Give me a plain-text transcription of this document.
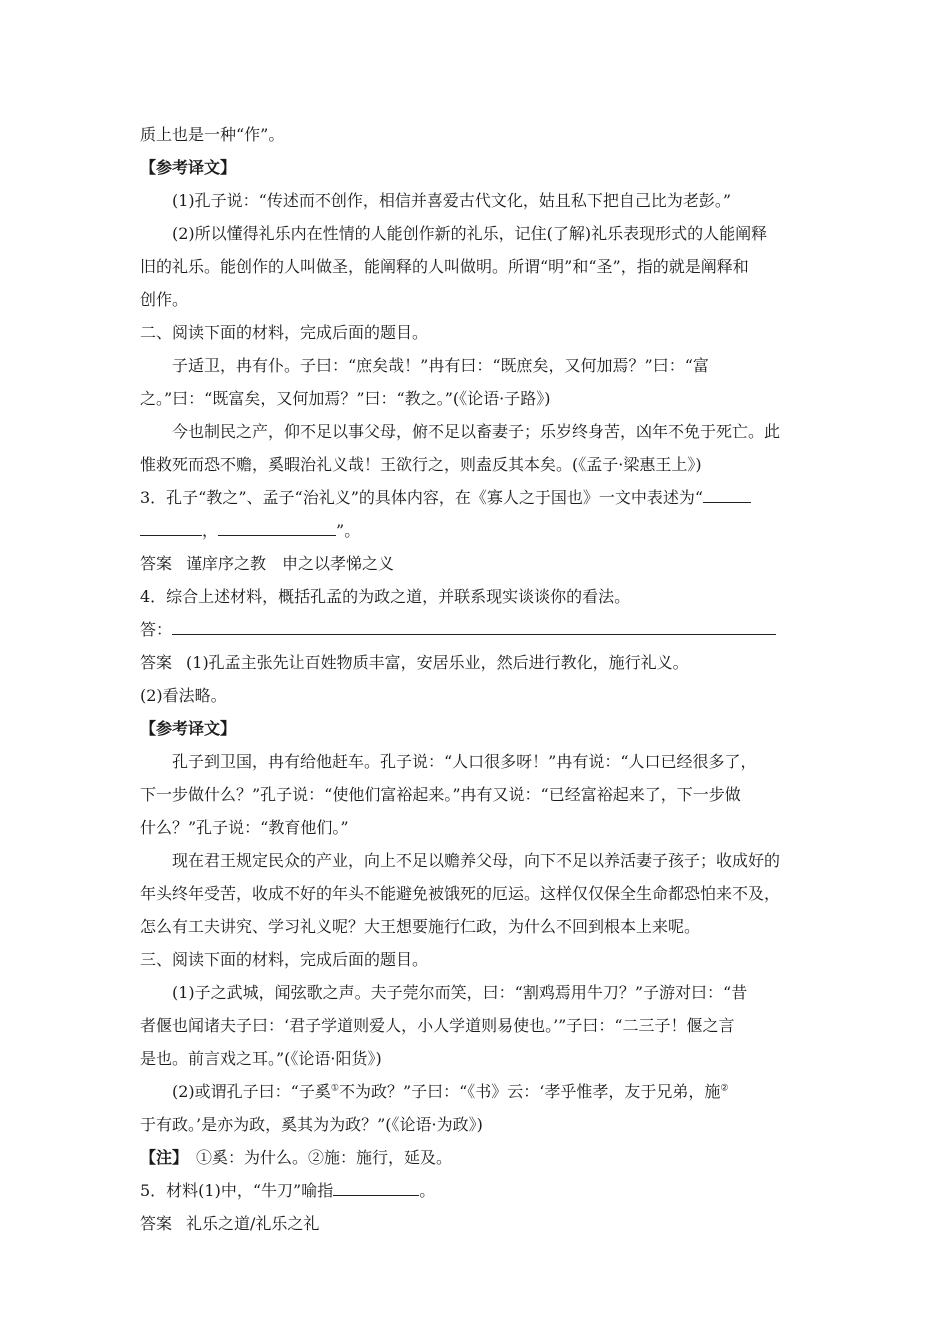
质上也是一种“作”。
【参考译文】
(1)孔子说：“传述而不创作，相信并喜爱古代文化，姑且私下把自己比为老彭。”
(2)所以懂得礼乐内在性情的人能创作新的礼乐，记住(了解)礼乐表现形式的人能阐释
旧的礼乐。能创作的人叫做圣，能阐释的人叫做明。所谓“明”和“圣”，指的就是阐释和
创作。
二、阅读下面的材料，完成后面的题目。
子适卫，冉有仆。子曰：“庶矣哉！”冉有曰：“既庶矣，又何加焉？”曰：“富
之。”曰：“既富矣，又何加焉？”曰：“教之。”(《论语·子路》)
今也制民之产，仰不足以事父母，俯不足以畜妻子；乐岁终身苦，凶年不免于死亡。此
惟救死而恐不赡，奚暇治礼义哉！王欲行之，则盍反其本矣。(《孟子·梁惠王上》)
3．孔子“教之”、孟子“治礼义”的具体内容，在《寡人之于国也》一文中表述为“
，	”。
答案 谨庠序之教　申之以孝悌之义
4．综合上述材料，概括孔孟的为政之道，并联系现实谈谈你的看法。
答：
答案 (1)孔孟主张先让百姓物质丰富，安居乐业，然后进行教化，施行礼义。
(2)看法略。
【参考译文】
孔子到卫国，冉有给他赶车。孔子说：“人口很多呀！”冉有说：“人口已经很多了，
下一步做什么？”孔子说：“使他们富裕起来。”冉有又说：“已经富裕起来了，下一步做
什么？”孔子说：“教育他们。”
现在君王规定民众的产业，向上不足以赡养父母，向下不足以养活妻子孩子；收成好的
年头终年受苦，收成不好的年头不能避免被饿死的厄运。这样仅仅保全生命都恐怕来不及，
怎么有工夫讲究、学习礼义呢？大王想要施行仁政，为什么不回到根本上来呢。
三、阅读下面的材料，完成后面的题目。
(1)子之武城，闻弦歌之声。夫子莞尔而笑，曰：“割鸡焉用牛刀？”子游对曰：“昔
者偃也闻诸夫子曰：‘君子学道则爱人，小人学道则易使也。’”子曰：“二三子！偃之言
是也。前言戏之耳。”(《论语·阳货》)
(2)或谓孔子曰：“子奚①不为政？”子曰：“《书》云：‘孝乎惟孝，友于兄弟，施②
于有政。’是亦为政，奚其为为政？”(《论语·为政》)
【注】 ①奚：为什么。②施：施行，延及。
5．材料(1)中，“牛刀”喻指	。
答案 礼乐之道/礼乐之礼
